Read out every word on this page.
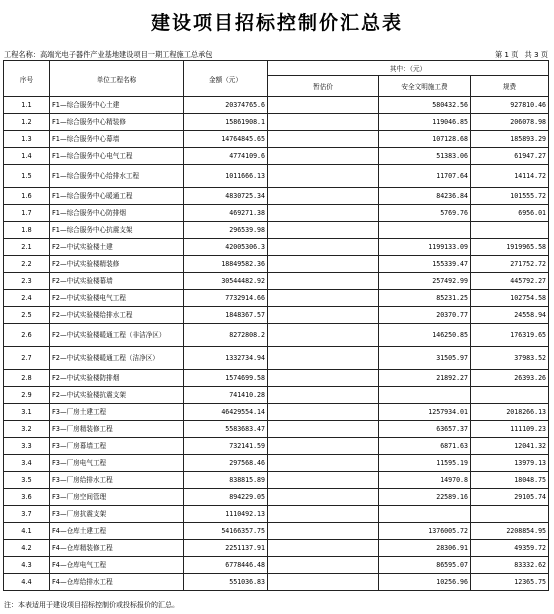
建设项目招标控制价汇总表
工程名称：高端光电子器件产业基地建设项目一期工程施工总承包	第 1 页 共 3 页
序号	单位工程名称	金额（元）	其中：（元）		
			暂估价	安全文明施工费	规费
1.1	F1—综合服务中心土建	20374765.6		580432.56	927810.46
1.2	F1—综合服务中心精装修	15861908.1		119046.85	206078.98
1.3	F1—综合服务中心幕墙	14764845.65		107128.68	185893.29
1.4	F1—综合服务中心电气工程	4774109.6		51383.06	61947.27
1.5	F1—综合服务中心给排水工程	1011666.13		11707.64	14114.72
1.6	F1—综合服务中心暖通工程	4830725.34		84236.84	101555.72
1.7	F1—综合服务中心防排烟	469271.38		5769.76	6956.01
1.8	F1—综合服务中心抗震支架	296539.98			
2.1	F2—中试实验楼土建	42005306.3		1199133.09	1919965.58
2.2	F2—中试实验楼精装修	18849582.36		155339.47	271752.72
2.3	F2—中试实验楼幕墙	30544482.92		257492.99	445792.27
2.4	F2—中试实验楼电气工程	7732914.66		85231.25	102754.58
2.5	F2—中试实验楼给排水工程	1848367.57		20370.77	24558.94
2.6	F2—中试实验楼暖通工程（非洁净区）	8272808.2		146250.85	176319.65
2.7	F2—中试实验楼暖通工程（洁净区）	1332734.94		31505.97	37983.52
2.8	F2—中试实验楼防排烟	1574699.58		21892.27	26393.26
2.9	F2—中试实验楼抗震支架	741410.28			
3.1	F3—厂房土建工程	46429554.14		1257934.01	2018266.13
3.2	F3—厂房精装修工程	5583683.47		63657.37	111109.23
3.3	F3—厂房幕墙工程	732141.59		6871.63	12041.32
3.4	F3—厂房电气工程	297568.46		11595.19	13979.13
3.5	F3—厂房给排水工程	838815.89		14970.8	18048.75
3.6	F3—厂房空间管理	894229.05		22589.16	29105.74
3.7	F3—厂房抗震支架	1110492.13			
4.1	F4—仓库土建工程	54166357.75		1376005.72	2208854.95
4.2	F4—仓库精装修工程	2251137.91		28306.91	49359.72
4.3	F4—仓库电气工程	6778446.48		86595.07	83332.62
4.4	F4—仓库给排水工程	551036.83		10256.96	12365.75
注：本表适用于建设项目招标控制价或投标报价的汇总。
